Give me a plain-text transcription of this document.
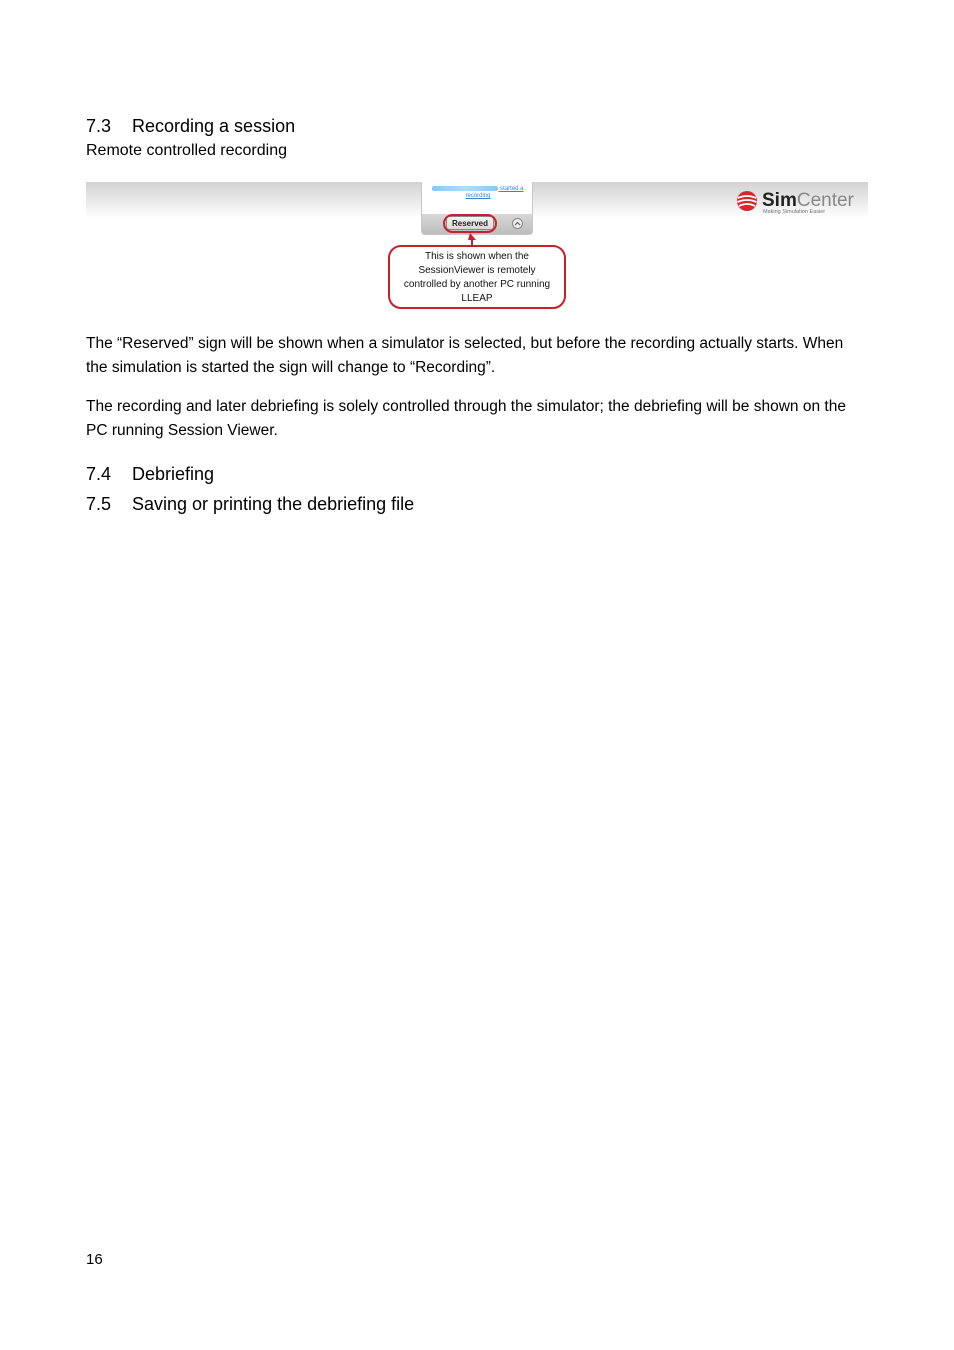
7.3 Recording a session
Remote controlled recording
started a recording
Reserved
This is shown when the SessionViewer is remotely controlled by another PC running LLEAP
SimCenter
Making Simulation Easier

The “Reserved” sign will be shown when a simulator is selected, but before the recording actually starts. When the simulation is started the sign will change to “Recording”.

The recording and later debriefing is solely controlled through the simulator; the debriefing will be shown on the PC running Session Viewer.

7.4 Debriefing
7.5 Saving or printing the debriefing file
16
